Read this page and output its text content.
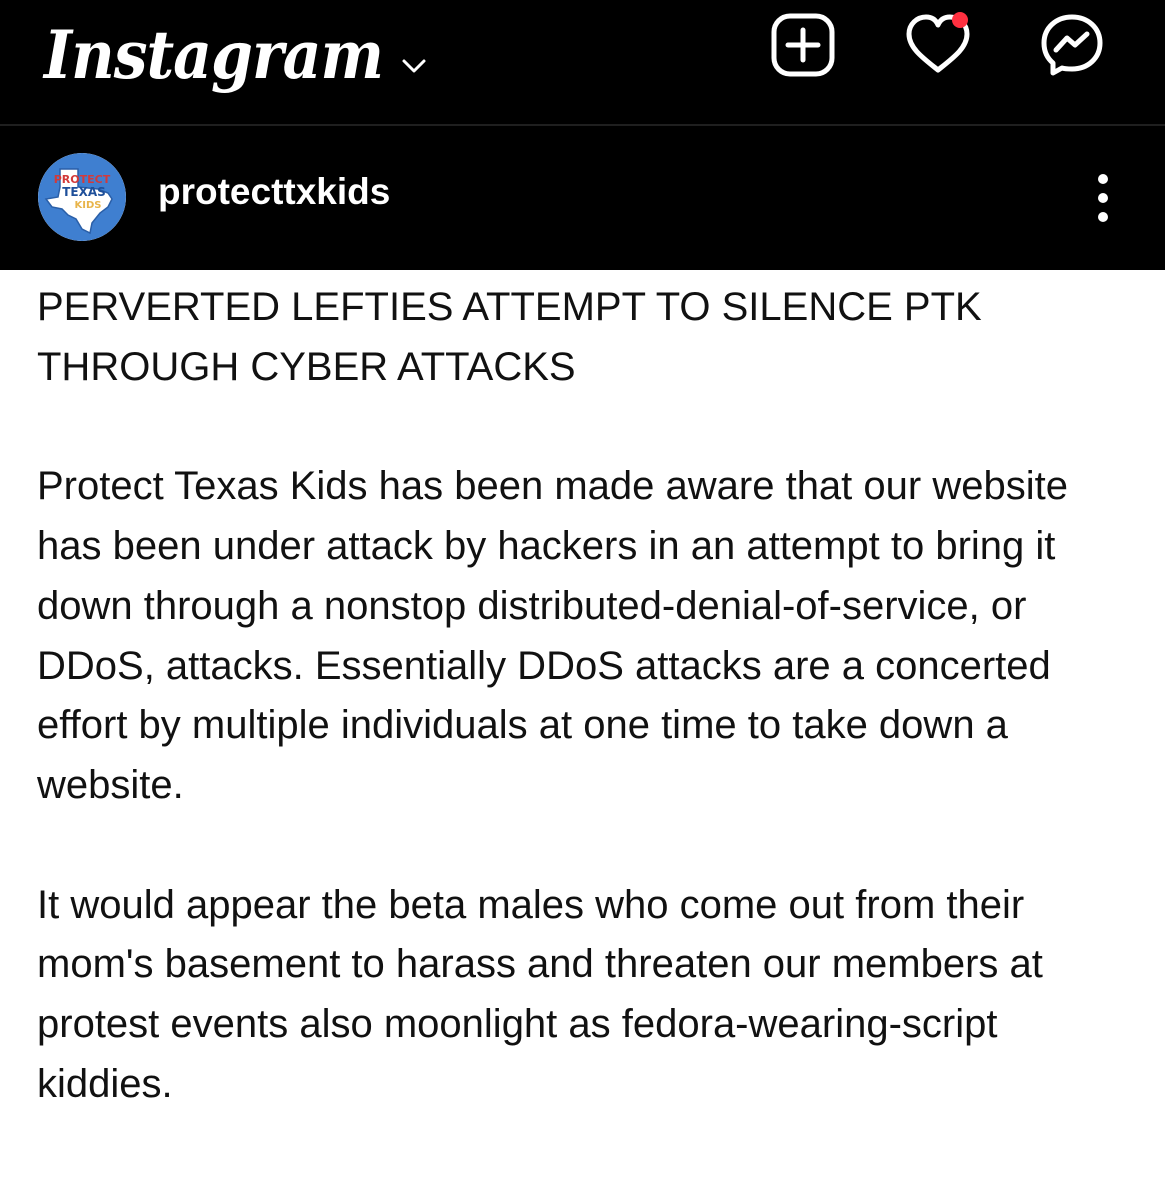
Instagram
PROTECT
TEXAS
KIDS protecttxkids

PERVERTED LEFTIES ATTEMPT TO SILENCE PTK THROUGH CYBER ATTACKS

Protect Texas Kids has been made aware that our website has been under attack by hackers in an attempt to bring it down through a nonstop distributed-denial-of-service, or DDoS, attacks. Essentially DDoS attacks are a concerted effort by multiple individuals at one time to take down a website.

It would appear the beta males who come out from their mom's basement to harass and threaten our members at protest events also moonlight as fedora-wearing-script kiddies.
